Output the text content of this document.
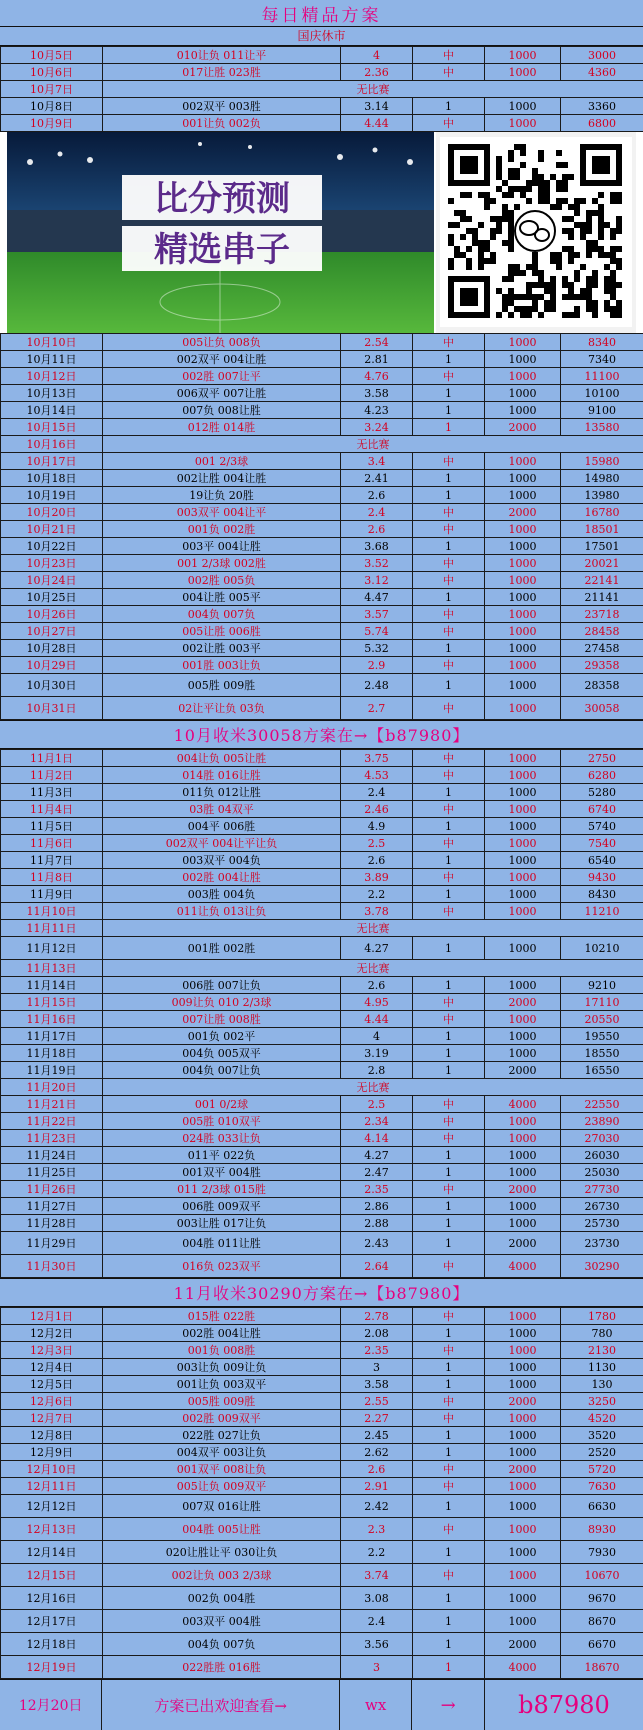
每日精品方案
国庆休市
10月5日	010让负 011让平	4	中	1000	3000
10月6日	017让胜 023胜	2.36	中	1000	4360
10月7日	无比赛				
10月8日	002双平 003胜	3.14	1	1000	3360
10月9日	001让负 002负	4.44	中	1000	6800
比分预测
精选串子
10月10日	005让负 008负	2.54	中	1000	8340
10月11日	002双平 004让胜	2.81	1	1000	7340
10月12日	002胜 007让平	4.76	中	1000	11100
10月13日	006双平 007让胜	3.58	1	1000	10100
10月14日	007负 008让胜	4.23	1	1000	9100
10月15日	012胜 014胜	3.24	1	2000	13580
10月16日	无比赛				
10月17日	001 2/3球	3.4	中	1000	15980
10月18日	002让胜 004让胜	2.41	1	1000	14980
10月19日	19让负 20胜	2.6	1	1000	13980
10月20日	003双平 004让平	2.4	中	2000	16780
10月21日	001负 002胜	2.6	中	1000	18501
10月22日	003平 004让胜	3.68	1	1000	17501
10月23日	001 2/3球 002胜	3.52	中	1000	20021
10月24日	002胜 005负	3.12	中	1000	22141
10月25日	004让胜 005平	4.47	1	1000	21141
10月26日	004负 007负	3.57	中	1000	23718
10月27日	005让胜 006胜	5.74	中	1000	28458
10月28日	002让胜 003平	5.32	1	1000	27458
10月29日	001胜 003让负	2.9	中	1000	29358
10月30日	005胜 009胜	2.48	1	1000	28358
10月31日	02让平让负 03负	2.7	中	1000	30058
10月收米30058方案在→【b87980】
11月1日	004让负 005让胜	3.75	中	1000	2750
11月2日	014胜 016让胜	4.53	中	1000	6280
11月3日	011负 012让胜	2.4	1	1000	5280
11月4日	03胜 04双平	2.46	中	1000	6740
11月5日	004平 006胜	4.9	1	1000	5740
11月6日	002双平 004让平让负	2.5	中	1000	7540
11月7日	003双平 004负	2.6	1	1000	6540
11月8日	002胜 004让胜	3.89	中	1000	9430
11月9日	003胜 004负	2.2	1	1000	8430
11月10日	011让负 013让负	3.78	中	1000	11210
11月11日	无比赛				
11月12日	001胜 002胜	4.27	1	1000	10210
11月13日	无比赛				
11月14日	006胜 007让负	2.6	1	1000	9210
11月15日	009让负 010 2/3球	4.95	中	2000	17110
11月16日	007让胜 008胜	4.44	中	1000	20550
11月17日	001负 002平	4	1	1000	19550
11月18日	004负 005双平	3.19	1	1000	18550
11月19日	004负 007让负	2.8	1	2000	16550
11月20日	无比赛				
11月21日	001 0/2球	2.5	中	4000	22550
11月22日	005胜 010双平	2.34	中	1000	23890
11月23日	024胜 033让负	4.14	中	1000	27030
11月24日	011平 022负	4.27	1	1000	26030
11月25日	001双平 004胜	2.47	1	1000	25030
11月26日	011 2/3球 015胜	2.35	中	2000	27730
11月27日	006胜 009双平	2.86	1	1000	26730
11月28日	003让胜 017让负	2.88	1	1000	25730
11月29日	004胜 011让胜	2.43	1	2000	23730
11月30日	016负 023双平	2.64	中	4000	30290
11月收米30290方案在→【b87980】
12月1日	015胜 022胜	2.78	中	1000	1780
12月2日	002胜 004让胜	2.08	1	1000	780
12月3日	001负 008胜	2.35	中	1000	2130
12月4日	003让负 009让负	3	1	1000	1130
12月5日	001让负 003双平	3.58	1	1000	130
12月6日	005胜 009胜	2.55	中	2000	3250
12月7日	002胜 009双平	2.27	中	1000	4520
12月8日	022胜 027让负	2.45	1	1000	3520
12月9日	004双平 003让负	2.62	1	1000	2520
12月10日	001双平 008让负	2.6	中	2000	5720
12月11日	005让负 009双平	2.91	中	1000	7630
12月12日	007双 016让胜	2.42	1	1000	6630
12月13日	004胜 005让胜	2.3	中	1000	8930
12月14日	020让胜让平 030让负	2.2	1	1000	7930
12月15日	002让负 003 2/3球	3.74	中	1000	10670
12月16日	002负 004胜	3.08	1	1000	9670
12月17日	003双平 004胜	2.4	1	1000	8670
12月18日	004负 007负	3.56	1	2000	6670
12月19日	022胜胜 016胜	3	1	4000	18670
12月20日	方案已出欢迎查看→	wx	→	b87980
